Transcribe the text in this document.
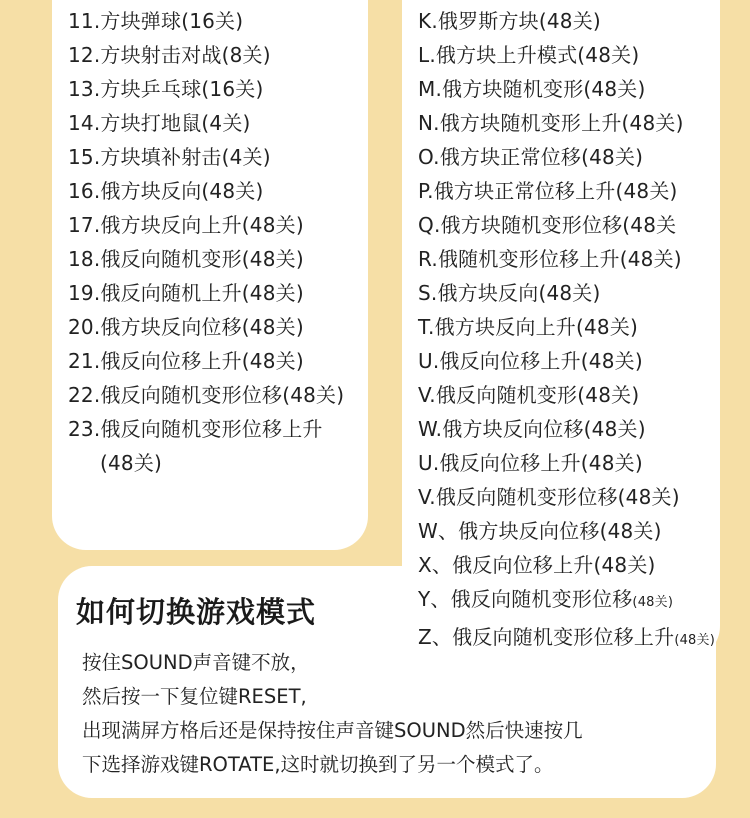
11.方块弹球(16关)
12.方块射击对战(8关)
13.方块乒乓球(16关)
14.方块打地鼠(4关)
15.方块填补射击(4关)
16.俄方块反向(48关)
17.俄方块反向上升(48关)
18.俄反向随机变形(48关)
19.俄反向随机上升(48关)
20.俄方块反向位移(48关)
21.俄反向位移上升(48关)
22.俄反向随机变形位移(48关)
23.俄反向随机变形位移上升
(48关)
K.俄罗斯方块(48关)
L.俄方块上升模式(48关)
M.俄方块随机变形(48关)
N.俄方块随机变形上升(48关)
O.俄方块正常位移(48关)
P.俄方块正常位移上升(48关)
Q.俄方块随机变形位移(48关
R.俄随机变形位移上升(48关)
S.俄方块反向(48关)
T.俄方块反向上升(48关)
U.俄反向位移上升(48关)
V.俄反向随机变形(48关)
W.俄方块反向位移(48关)
U.俄反向位移上升(48关)
V.俄反向随机变形位移(48关)
W、俄方块反向位移(48关)
X、俄反向位移上升(48关)
Y、俄反向随机变形位移(48关)
Z、俄反向随机变形位移上升(48关)
如何切换游戏模式

按住SOUND声音键不放，

然后按一下复位键RESET,

出现满屏方格后还是保持按住声音键SOUND然后快速按几

下选择游戏键ROTATE,这时就切换到了另一个模式了。
